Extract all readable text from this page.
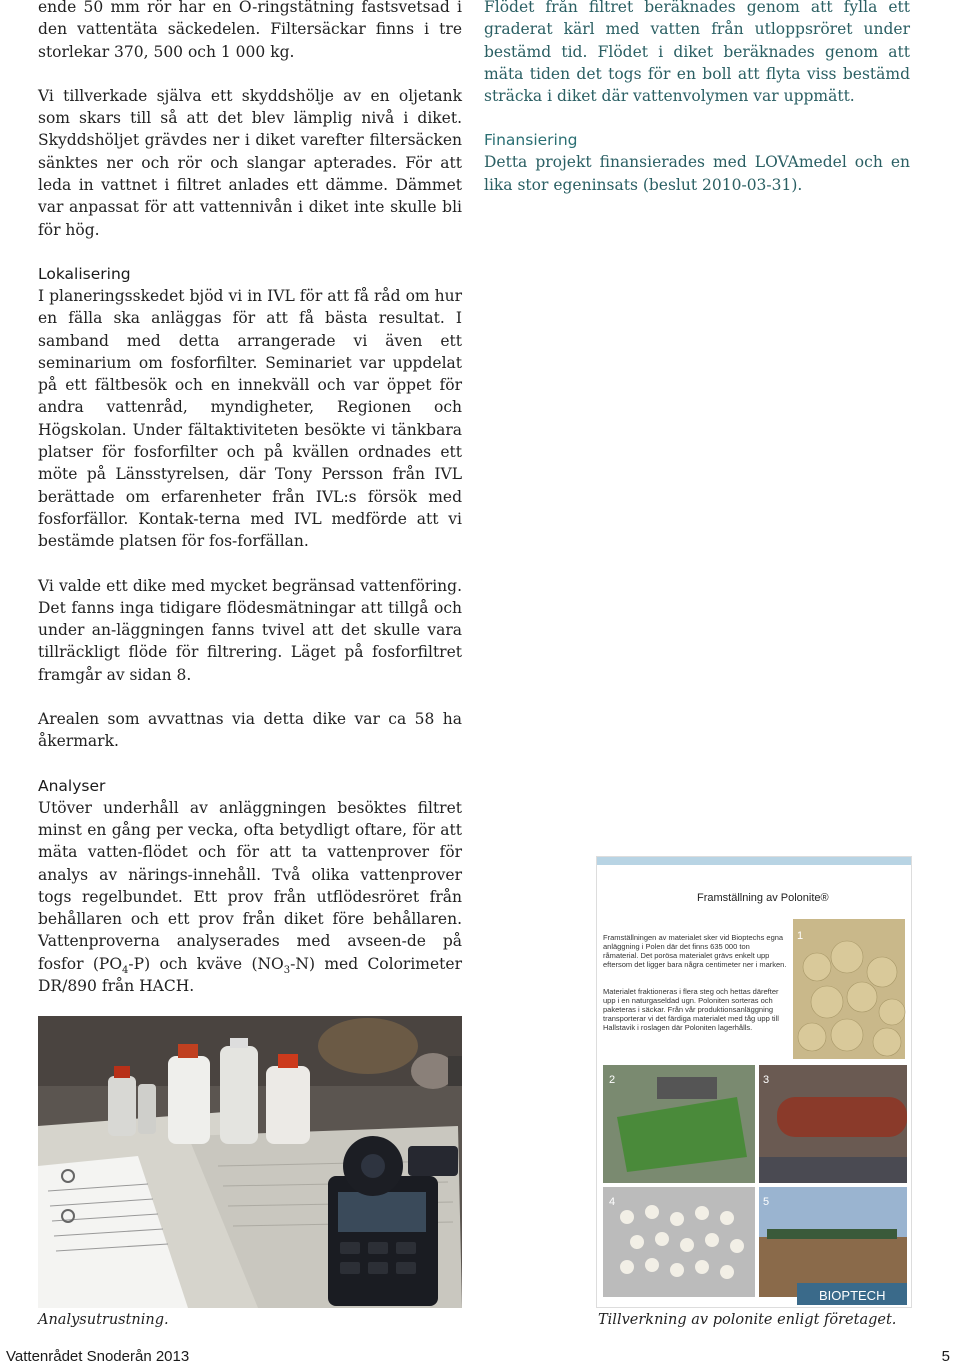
ende 50 mm rör har en O-ringstätning fastsvetsad i den vattentäta säckedelen. Filtersäckar finns i tre storlekar 370, 500 och 1 000 kg.

Vi tillverkade själva ett skyddshölje av en oljetank som skars till så att det blev lämplig nivå i diket. Skyddshöljet grävdes ner i diket varefter filtersäcken sänktes ner och rör och slangar apterades. För att leda in vattnet i filtret anlades ett dämme. Dämmet var anpassat för att vattennivån i diket inte skulle bli för hög.

Lokalisering

I planeringsskedet bjöd vi in IVL för att få råd om hur en fälla ska anläggas för att få bästa resultat. I samband med detta arrangerade vi även ett seminarium om fosforfilter. Seminariet var uppdelat på ett fältbesök och en innekväll och var öppet för andra vattenråd, myndigheter, Regionen och Högskolan. Under fältaktiviteten besökte vi tänkbara platser för fosforfilter och på kvällen ordnades ett möte på Länsstyrelsen, där Tony Persson från IVL berättade om erfarenheter från IVL:s försök med fosforfällor. Kontak-terna med IVL medförde att vi bestämde platsen för fos-forfällan.

Vi valde ett dike med mycket begränsad vattenföring. Det fanns inga tidigare flödesmätningar att tillgå och under an-läggningen fanns tvivel att det skulle vara tillräckligt flöde för filtrering. Läget på fosforfiltret framgår av sidan 8.

Arealen som avvattnas via detta dike var ca 58 ha åkermark.

Analyser

Utöver underhåll av anläggningen besöktes filtret minst en gång per vecka, ofta betydligt oftare, för att mäta vatten-flödet och för att ta vattenprover för analys av närings-innehåll. Två olika vattenprover togs regelbundet. Ett prov från utflödesröret från behållaren och ett prov från diket före behållaren. Vattenproverna analyserades med avseen-de på fosfor $(PO_4-P)$ och kväve $(NO_3-N)$ med Colorimeter DR/890 från HACH.

Flödet från filtret beräknades genom att fylla ett graderat kärl med vatten från utloppsröret under bestämd tid. Flödet i diket beräknades genom att mäta tiden det togs för en boll att flyta viss bestämd sträcka i diket där vattenvolymen var uppmätt.

Finansiering

Detta projekt finansierades med LOVAmedel och en lika stor egeninsats (beslut 2010-03-31).

Framställning av Polonite®
1
2	3
4	5
BIOPTECH
Framställningen av materialet sker vid Bioptechs egna anläggning i Polen där det finns 635 000 ton råmaterial. Det porösa materialet grävs enkelt upp eftersom det ligger bara några centimeter ner i marken.
Materialet fraktioneras i flera steg och hettas därefter upp i en naturgaseldad ugn. Poloniten sorteras och paketeras i säckar. Från vår produktionsanläggning transporterar vi det färdiga materialet med tåg upp till Hallstavik i roslagen där Poloniten lagerhålls.
Analysutrustning.	Tillverkning av polonite enligt företaget.
Vattenrådet Snoderån 2013	5
